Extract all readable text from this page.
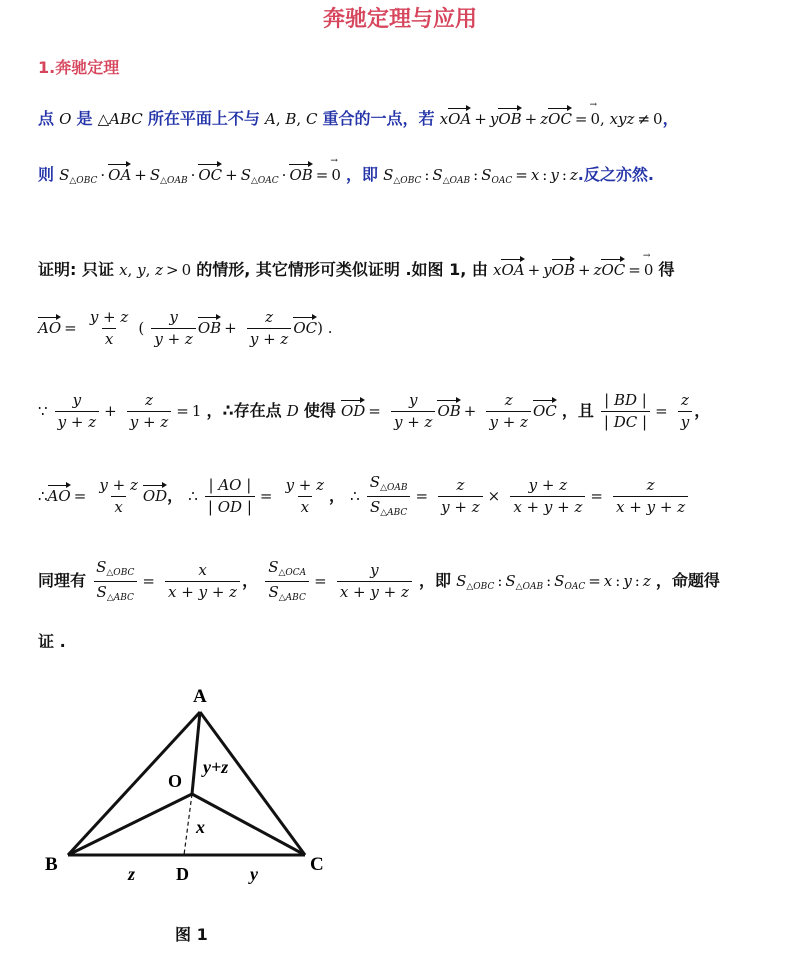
奔驰定理与应用
1.奔驰定理
点 O 是 △ABC 所在平面上不与 A, B, C 重合的一点，若 xOA + yOB + zOC = 0 →, xyz ≠ 0，
则 $S_{\triangle OBC}$ · OA + $S_{\triangle OAB}$ · OC + $S_{\triangle OAC}$ · OB = 0 → ，即 $S_{\triangle OBC}$ : $S_{\triangle OAB}$ : $S_{OAC} = x$ : y : z.反之亦然.
证明: 只证 x, y, z > 0 的情形, 其它情形可类似证明 .如图 1, 由 xOA + yOB + zOC = 0 → 得
AO = $\frac{y + z}{x}$ ( $\frac{y}{y + z}$ OB + $\frac{z}{y + z} OC$) .
∵ $\frac{y}{y + z} + \frac{z}{y + z} = 1$ ，∴存在点 D 使得 OD = $\frac{y}{y + z}$ OB + $\frac{z}{y + z}$ OC ，且 $\frac{| BD |}{| DC |} = \frac{z}{y}$ ，
∴AO = $\frac{y + z}{x}$ OD， ∴ $\frac{| AO |}{| OD |} = \frac{y + z}{x}$ ， ∴ $\frac{S_{\triangle OAB}}{S_{\triangle ABC}} = \frac{z}{y + z} \times \frac{y + z}{x + y + z} = \frac{z}{x + y + z}$
同理有 $\frac{S_{\triangle OBC}}{S_{\triangle ABC}} = \frac{x}{x + y + z}$ ， $\frac{S_{\triangle OCA}}{S_{\triangle ABC}} = \frac{y}{x + y + z}$ ，即 $S_{\triangle OBC}$ : $S_{\triangle OAB}$ : $S_{OAC} = x$ : y : z ，命题得
证 .
A
B	C
O
D
y+z
x
z	y
图 1
